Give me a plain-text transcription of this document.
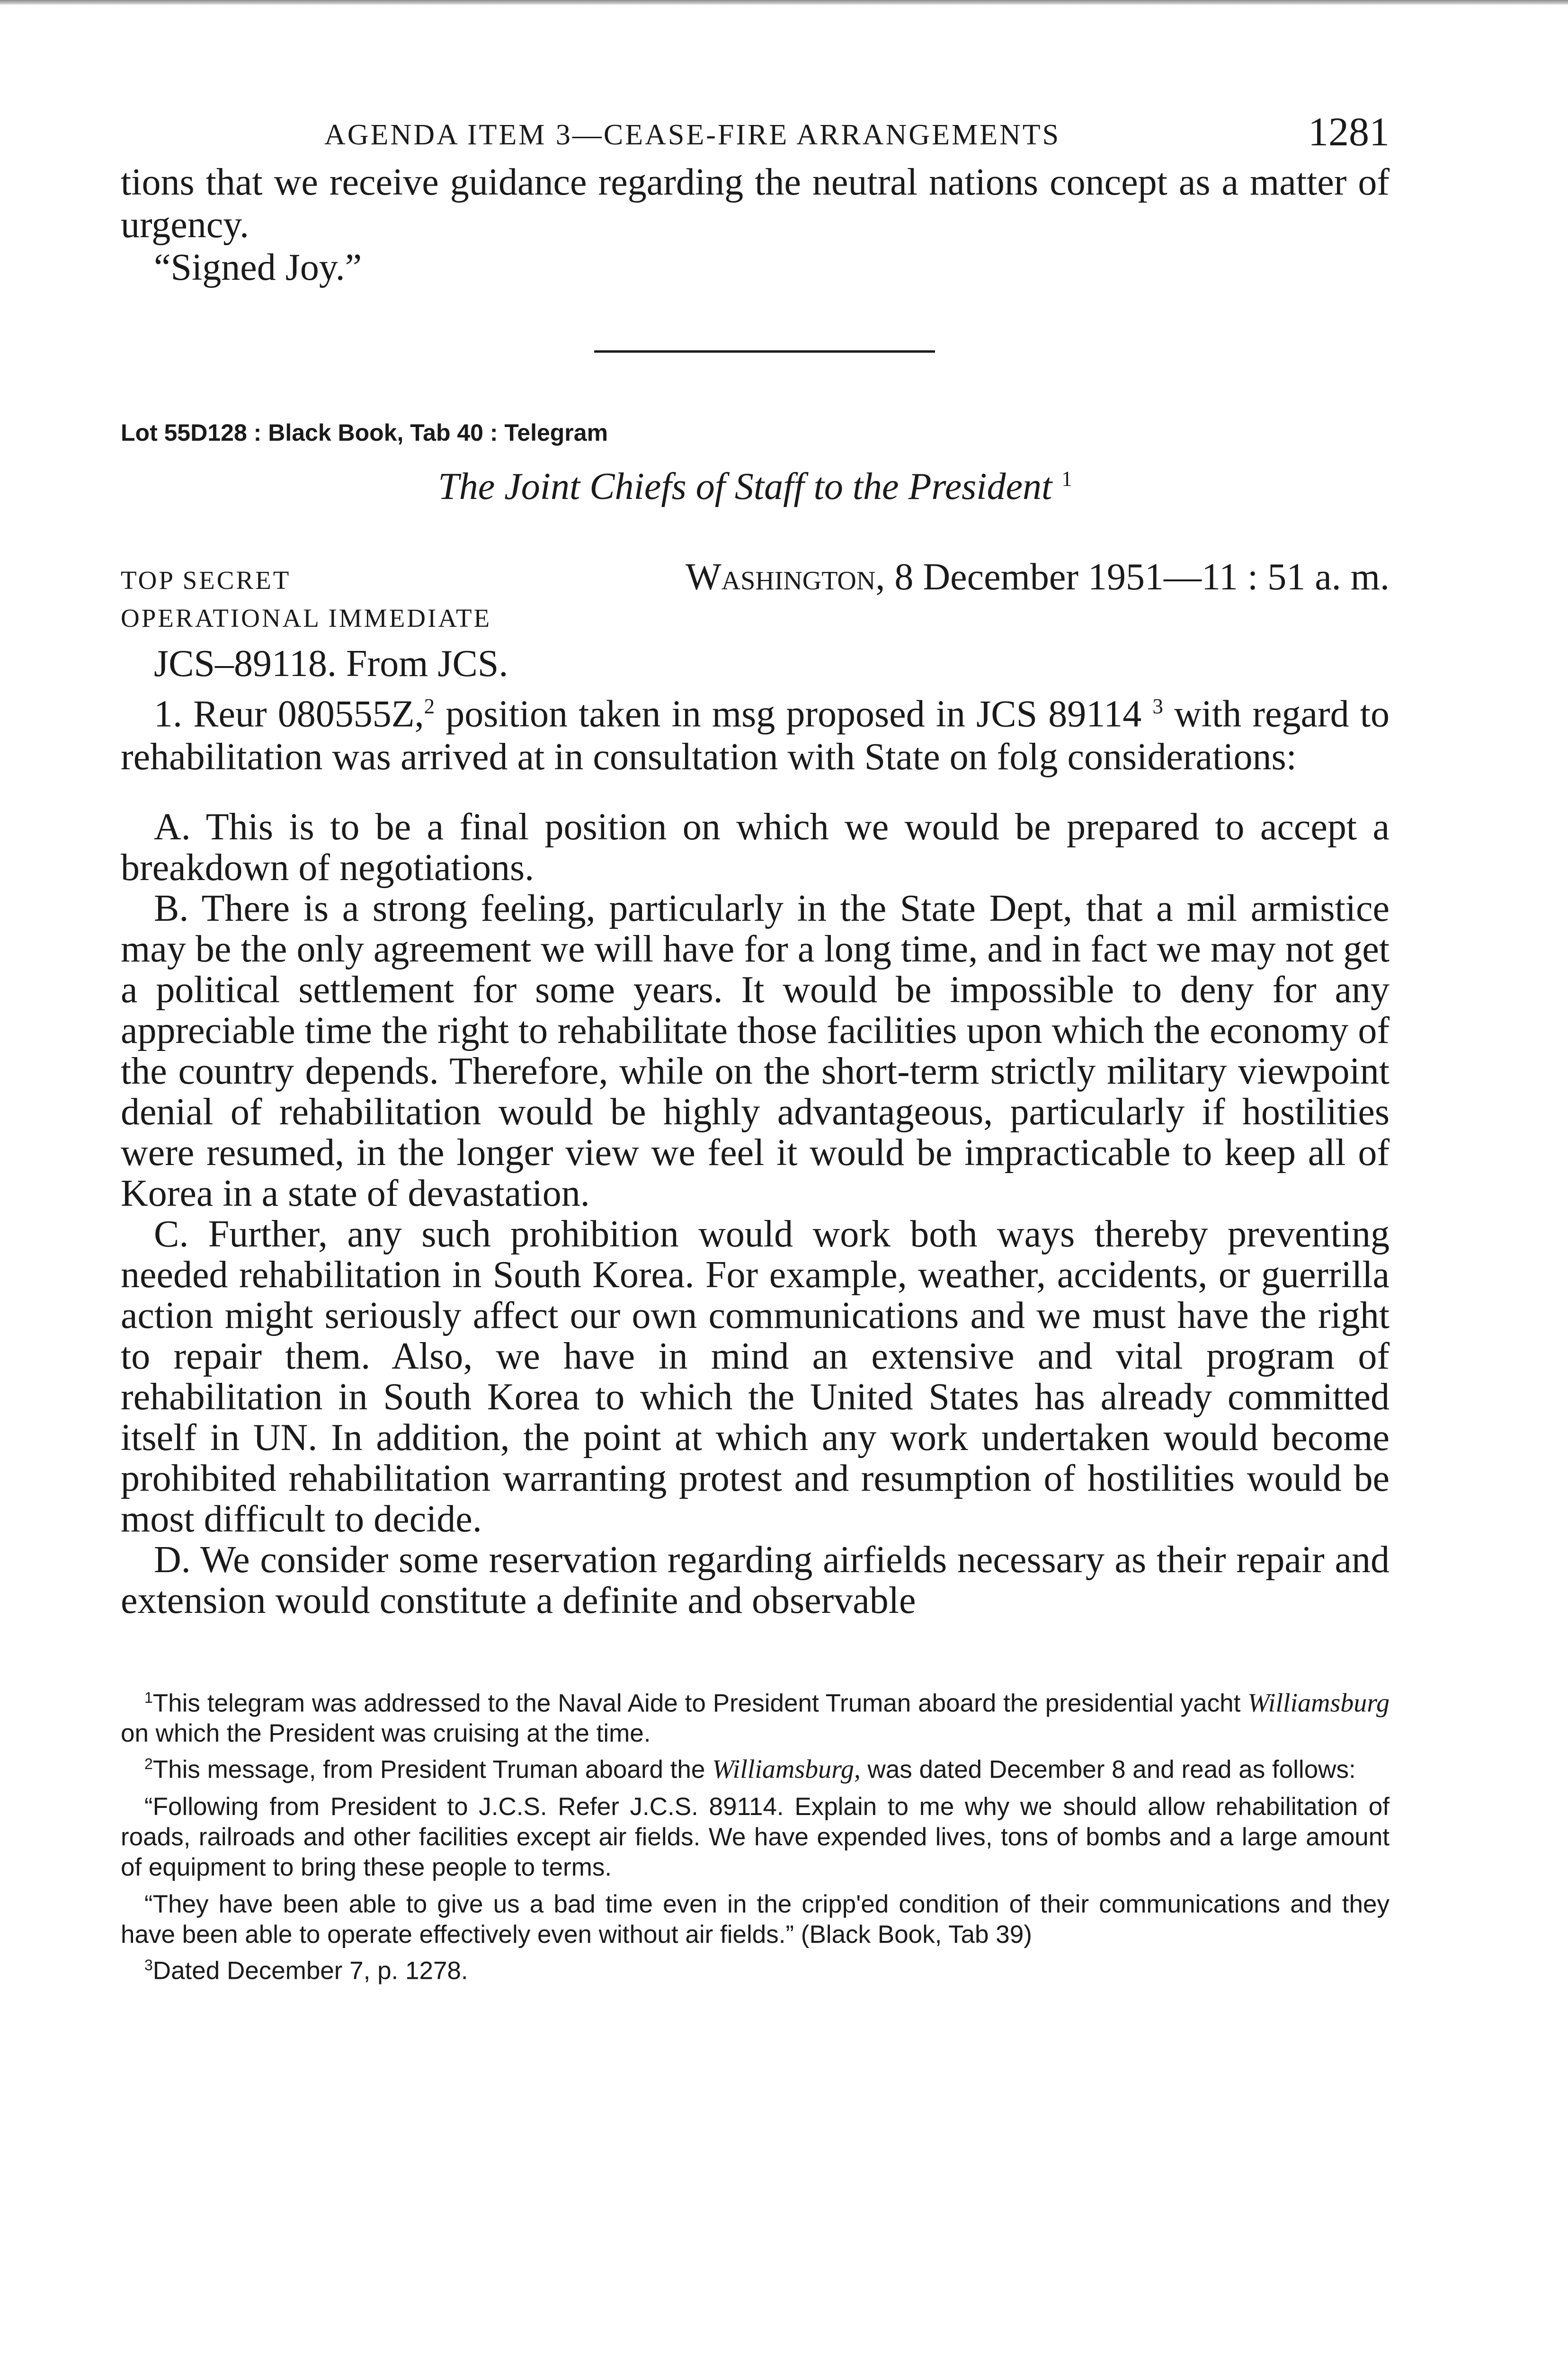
AGENDA ITEM 3—CEASE-FIRE ARRANGEMENTS	1281

tions that we receive guidance regarding the neutral nations concept as a matter of urgency.

“Signed Joy.”

Lot 55D128 : Black Book, Tab 40 : Telegram

The Joint Chiefs of Staff to the President $^1$

TOP SECRET	Washington, 8 December 1951—11 : 51 a. m.

OPERATIONAL IMMEDIATE

JCS–89118. From JCS.

1. Reur 080555Z,$^2$ position taken in msg proposed in JCS 89114 $^3$ with regard to rehabilitation was arrived at in consultation with State on folg considerations:

A. This is to be a final position on which we would be prepared to accept a breakdown of negotiations.

B. There is a strong feeling, particularly in the State Dept, that a mil armistice may be the only agreement we will have for a long time, and in fact we may not get a political settlement for some years. It would be impossible to deny for any appreciable time the right to rehabilitate those facilities upon which the economy of the country depends. Therefore, while on the short-term strictly military viewpoint denial of rehabilitation would be highly advantageous, particularly if hostilities were resumed, in the longer view we feel it would be impracticable to keep all of Korea in a state of devastation.

C. Further, any such prohibition would work both ways thereby preventing needed rehabilitation in South Korea. For example, weather, accidents, or guerrilla action might seriously affect our own communications and we must have the right to repair them. Also, we have in mind an extensive and vital program of rehabilitation in South Korea to which the United States has already committed itself in UN. In addition, the point at which any work undertaken would become prohibited rehabilitation warranting protest and resumption of hostilities would be most difficult to decide.

D. We consider some reservation regarding airfields necessary as their repair and extension would constitute a definite and observable

$^1$This telegram was addressed to the Naval Aide to President Truman aboard the presidential yacht Williamsburg on which the President was cruising at the time.

$^2$This message, from President Truman aboard the Williamsburg, was dated December 8 and read as follows:

“Following from President to J.C.S. Refer J.C.S. 89114. Explain to me why we should allow rehabilitation of roads, railroads and other facilities except air fields. We have expended lives, tons of bombs and a large amount of equipment to bring these people to terms.

“They have been able to give us a bad time even in the cripp'ed condition of their communications and they have been able to operate effectively even without air fields.” (Black Book, Tab 39)

$^3$Dated December 7, p. 1278.
